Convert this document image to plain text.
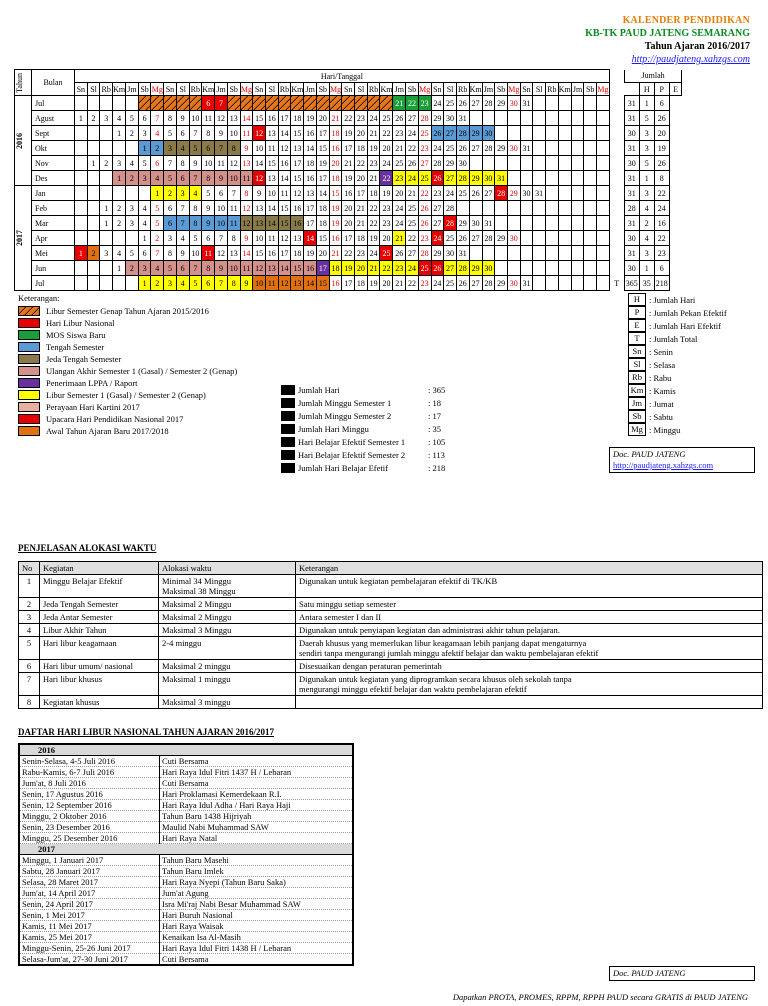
KALENDER PENDIDIKAN
KB-TK PAUD JATENG SEMARANG
Tahun Ajaran 2016/2017
http://paudjateng.xahzgs.com
Tahun	Bulan	Hari/Tanggal																																											Jumlah			
		Sn	Sl	Rb	Km	Jm	Sb	Mg	Sn	Sl	Rb	Km	Jm	Sb	Mg	Sn	Sl	Rb	Km	Jm	Sb	Mg	Sn	Sl	Rb	Km	Jm	Sb	Mg	Sn	Sl	Rb	Km	Jm	Sb	Mg	Sn	Sl	Rb	Km	Jm	Sb	Mg			H	P	E

2016	Jul											6	7														21	22	23	24	25	26	27	28	29	30	31								31	1	6	
	Agust	1	2	3	4	5	6	7	8	9	10	11	12	13	14	15	16	17	18	19	20	21	22	23	24	25	26	27	28	29	30	31													31	5	26	
	Sept				1	2	3	4	5	6	7	8	9	10	11	12	13	14	15	16	17	18	19	20	21	22	23	24	25	26	27	28	29	30											30	3	20	
	Okt						1	2	3	4	5	6	7	8	9	10	11	12	13	14	15	16	17	18	19	20	21	22	23	24	25	26	27	28	29	30	31								31	3	19	
	Nov		1	2	3	4	5	6	7	8	9	10	11	12	13	14	15	16	17	18	19	20	21	22	23	24	25	26	27	28	29	30													30	5	26	
	Des				1	2	3	4	5	6	7	8	9	10	11	12	13	14	15	16	17	18	19	20	21	22	23	24	25	26	27	28	29	30	31										31	1	8	

2017	Jan							1	2	3	4	5	6	7	8	9	10	11	12	13	14	15	16	17	18	19	20	21	22	23	24	25	26	27	28	29	30	31							31	3	22	
	Feb			1	2	3	4	5	6	7	8	9	10	11	12	13	14	15	16	17	18	19	20	21	22	23	24	25	26	27	28														28	4	24	
	Mar			1	2	3	4	5	6	7	8	9	10	11	12	13	14	15	16	17	18	19	20	21	22	23	24	25	26	27	28	29	30	31											31	2	16	
	Apr						1	2	3	4	5	6	7	8	9	10	11	12	13	14	15	16	17	18	19	20	21	22	23	24	25	26	27	28	29	30									30	4	22	
	Mei	1	2	3	4	5	6	7	8	9	10	11	12	13	14	15	16	17	18	19	20	21	22	23	24	25	26	27	28	29	30	31													31	3	23	
	Jun				1	2	3	4	5	6	7	8	9	10	11	12	13	14	15	16	17	18	19	20	21	22	23	24	25	26	27	28	29	30											30	1	6	
	Jul						1	2	3	4	5	6	7	8	9	10	11	12	13	14	15	16	17	18	19	20	21	22	23	24	25	26	27	28	29	30	31							T	365	35	218	
Keterangan:
Libur Semester Genap Tahun Ajaran 2015/2016
Hari Libur Nasional
MOS Siswa Baru
Tengah Semester
Jeda Tengah Semester
Ulangan Akhir Semester 1 (Gasal) / Semester 2 (Genap)
Penerimaan LPPA / Raport
Libur Semester 1 (Gasal) / Semester 2 (Genap)
Perayaan Hari Kartini 2017
Upacara Hari Pendidikan Nasional 2017
Awal Tahun Ajaran Baru 2017/2018
Jumlah Hari	: 365
Jumlah Minggu Semester 1	: 18
Jumlah Minggu Semester 2	: 17
Jumlah Hari Minggu	: 35
Hari Belajar Efektif Semester 1	: 105
Hari Belajar Efektif Semester 2	: 113
Jumlah Hari Belajar Efetif	: 218
H	: Jumlah Hari
P	: Jumlah Pekan Efektif
E	: Jumlah Hari Efektif
T	: Jumlah Total
Sn : Senin
Sl : Selasa
Rb : Rabu
Km : Kamis
Jm : Jumat
Sb : Sabtu
Mg : Minggu
Doc. PAUD JATENG
http://paudjateng.xahzgs.com
PENJELASAN ALOKASI WAKTU
No	Kegiatan	Alokasi waktu	Keterangan
1	Minggu Belajar Efektif	Minimal 34 Minggu
Maksimal 38 Minggu	Digunakan untuk kegiatan pembelajaran efektif di TK/KB
2	Jeda Tengah Semester	Maksimal 2 Minggu	Satu minggu setiap semester
3	Jeda Antar Semester	Maksimal 2 Minggu	Antara semester I dan II
4	Libur Akhir Tahun	Maksimal 3 Minggu	Digunakan untuk penyiapan kegiatan dan administrasi akhir tahun pelajaran.
5	Hari libur keagamaan	2-4 minggu	Daerah khusus yang memerlukan libur keagamaan lebih panjang dapat mengaturnya
sendiri tanpa mengurangi jumlah minggu afektif belajar dan waktu pembelajaran efektif
6	Hari libur umum/ nasional	Maksimal 2 minggu	Disesuaikan dengan peraturan pemerintah
7	Hari libur khusus	Maksimal 1 minggu	Digunakan untuk kegiatan yang diprogramkan secara khusus oleh sekolah tanpa
mengurangi minggu efektif belajar dan waktu pembelajaran efektif
8	Kegiatan khusus	Maksimal 3 minggu	
DAFTAR HARI LIBUR NASIONAL TAHUN AJARAN 2016/2017
2016	
Senin-Selasa, 4-5 Juli 2016	Cuti Bersama
Rabu-Kamis, 6-7 Juli 2016	Hari Raya Idul Fitri 1437 H / Lebaran
Jum'at, 8 Juli 2016	Cuti Bersama
Senin, 17 Agustus 2016	Hari Proklamasi Kemerdekaan R.I.
Senin, 12 September 2016	Hari Raya Idul Adha / Hari Raya Haji
Minggu, 2 Oktober 2016	Tahun Baru 1438 Hijriyah
Senin, 23 Desember 2016	Maulid Nabi Muhammad SAW
Minggu, 25 Desember 2016	Hari Raya Natal
2017	
Minggu, 1 Januari 2017	Tahun Baru Masehi
Sabtu, 28 Januari 2017	Tahun Baru Imlek
Selasa, 28 Maret 2017	Hari Raya Nyepi (Tahun Baru Saka)
Jum'at, 14 April 2017	Jum'at Agung
Senin, 24 April 2017	Isra Mi'raj Nabi Besar Muhammad SAW
Senin, 1 Mei 2017	Hari Buruh Nasional
Kamis, 11 Mei 2017	Hari Raya Waisak
Kamis, 25 Mei 2017	Kenaikan Isa Al-Masih
Minggu-Senin, 25-26 Juni 2017	Hari Raya Idul Fitri 1438 H / Lebaran
Selasa-Jum'at, 27-30 Juni 2017	Cuti Bersama
Doc. PAUD JATENG
Dapatkan PROTA, PROMES, RPPM, RPPH PAUD secara GRATIS di PAUD JATENG
